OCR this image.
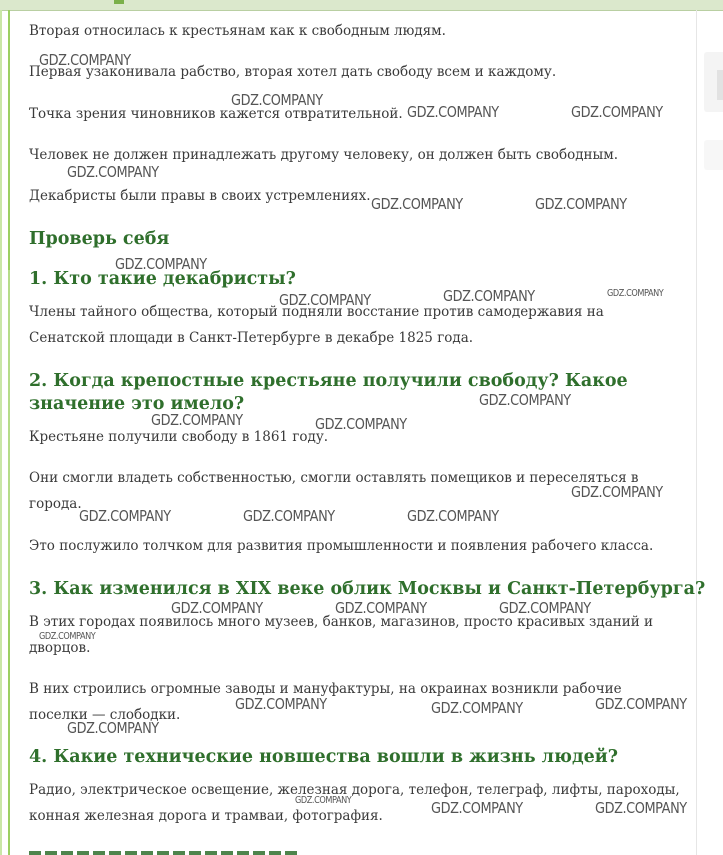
Вторая относилась к крестьянам как к свободным людям.

Первая узаконивала рабство, вторая хотел дать свободу всем и каждому.

Точка зрения чиновников кажется отвратительной.

Человек не должен принадлежать другому человеку, он должен быть свободным.

Декабристы были правы в своих устремлениях.

Проверь себя
1. Кто такие декабристы?

Члены тайного общества, который подняли восстание против самодержавия на

Сенатской площади в Санкт-Петербурге в декабре 1825 года.

2. Когда крепостные крестьяне получили свободу? Какое
значение это имело?

Крестьяне получили свободу в 1861 году.

Они смогли владеть собственностью, смогли оставлять помещиков и переселяться в

города.

Это послужило толчком для развития промышленности и появления рабочего класса.

3. Как изменился в XIX веке облик Москвы и Санкт-Петербурга?

В этих городах появилось много музеев, банков, магазинов, просто красивых зданий и

дворцов.

В них строились огромные заводы и мануфактуры, на окраинах возникли рабочие

поселки — слободки.

4. Какие технические новшества вошли в жизнь людей?

Радио, электрическое освещение, железная дорога, телефон, телеграф, лифты, пароходы,

конная железная дорога и трамваи, фотография.

GDZ.COMPANY
GDZ.COMPANY
GDZ.COMPANY	GDZ.COMPANY
GDZ.COMPANY
GDZ.COMPANY	GDZ.COMPANY
GDZ.COMPANY
GDZ.COMPANY	GDZ.COMPANY	GDZ.COMPANY
GDZ.COMPANY
GDZ.COMPANY	GDZ.COMPANY
GDZ.COMPANY
GDZ.COMPANY	GDZ.COMPANY	GDZ.COMPANY
GDZ.COMPANY	GDZ.COMPANY	GDZ.COMPANY
GDZ.COMPANY
GDZ.COMPANY	GDZ.COMPANY	GDZ.COMPANY
GDZ.COMPANY
GDZ.COMPANY	GDZ.COMPANY	GDZ.COMPANY
